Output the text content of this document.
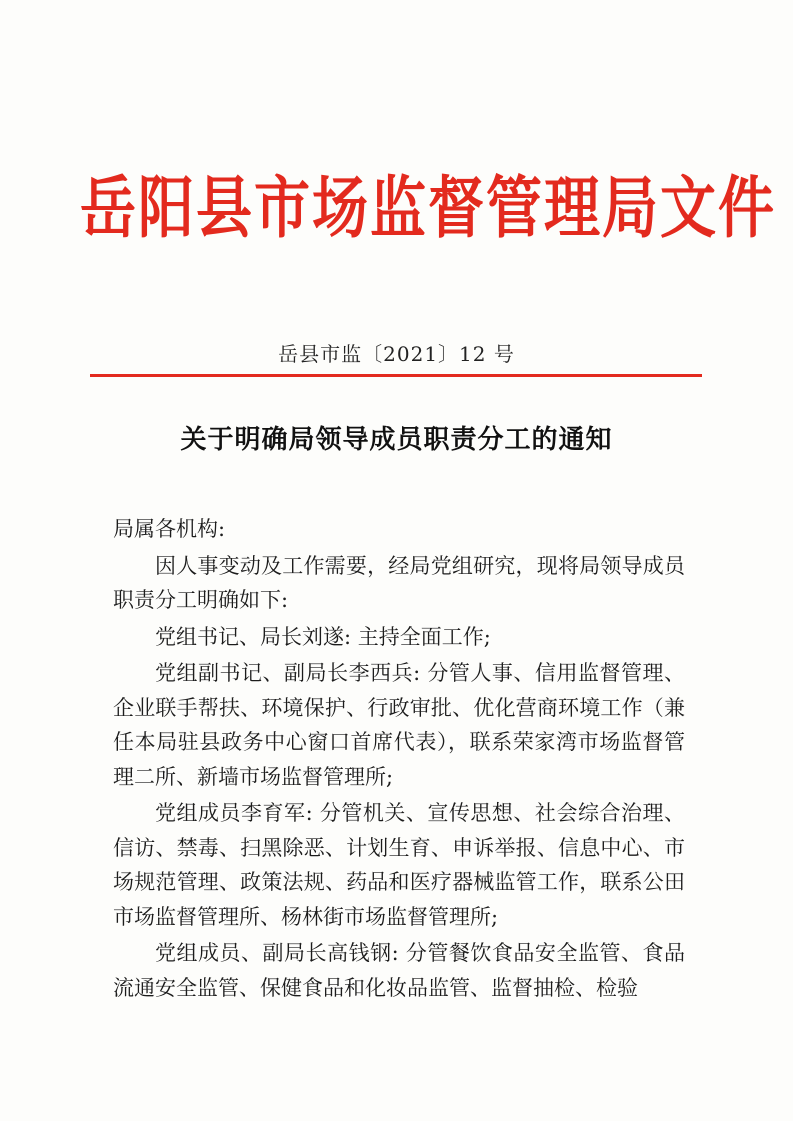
岳阳县市场监督管理局文件
岳县市监〔2021〕12 号
关于明确局领导成员职责分工的通知

局属各机构:

因人事变动及工作需要，经局党组研究，现将局领导成员职责分工明确如下:

党组书记、局长刘遂: 主持全面工作;

党组副书记、副局长李西兵: 分管人事、信用监督管理、企业联手帮扶、环境保护、行政审批、优化营商环境工作（兼任本局驻县政务中心窗口首席代表），联系荣家湾市场监督管理二所、新墙市场监督管理所;

党组成员李育军: 分管机关、宣传思想、社会综合治理、信访、禁毒、扫黑除恶、计划生育、申诉举报、信息中心、市场规范管理、政策法规、药品和医疗器械监管工作，联系公田市场监督管理所、杨林街市场监督管理所;

党组成员、副局长高钱钢: 分管餐饮食品安全监管、食品流通安全监管、保健食品和化妆品监管、监督抽检、检验
